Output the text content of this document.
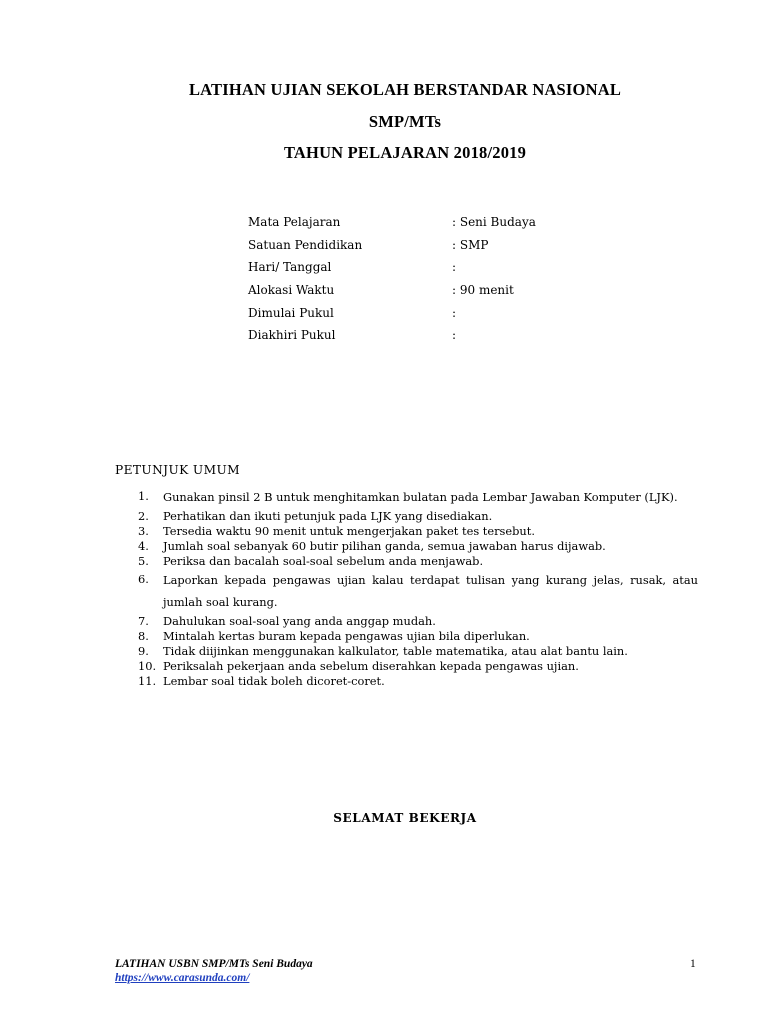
LATIHAN UJIAN SEKOLAH BERSTANDAR NASIONAL
SMP/MTs
TAHUN PELAJARAN 2018/2019
Mata Pelajaran	: Seni Budaya
Satuan Pendidikan	: SMP
Hari/ Tanggal	:
Alokasi Waktu	: 90 menit
Dimulai Pukul	:
Diakhiri Pukul	:
PETUNJUK UMUM
1.	Gunakan pinsil 2 B untuk menghitamkan bulatan pada Lembar Jawaban Komputer (LJK).
2.	Perhatikan dan ikuti petunjuk pada LJK yang disediakan.
3.	Tersedia waktu 90 menit untuk mengerjakan paket tes tersebut.
4.	Jumlah soal sebanyak 60 butir pilihan ganda, semua jawaban harus dijawab.
5.	Periksa dan bacalah soal-soal sebelum anda menjawab.
6.	Laporkan kepada pengawas ujian kalau terdapat tulisan yang kurang jelas, rusak, atau jumlah soal kurang.
7.	Dahulukan soal-soal yang anda anggap mudah.
8.	Mintalah kertas buram kepada pengawas ujian bila diperlukan.
9.	Tidak diijinkan menggunakan kalkulator, table matematika, atau alat bantu lain.
10. Periksalah pekerjaan anda sebelum diserahkan kepada pengawas ujian.
11. Lembar soal tidak boleh dicoret-coret.
SELAMAT BEKERJA
LATIHAN USBN SMP/MTs Seni Budaya
https://www.carasunda.com/
1
